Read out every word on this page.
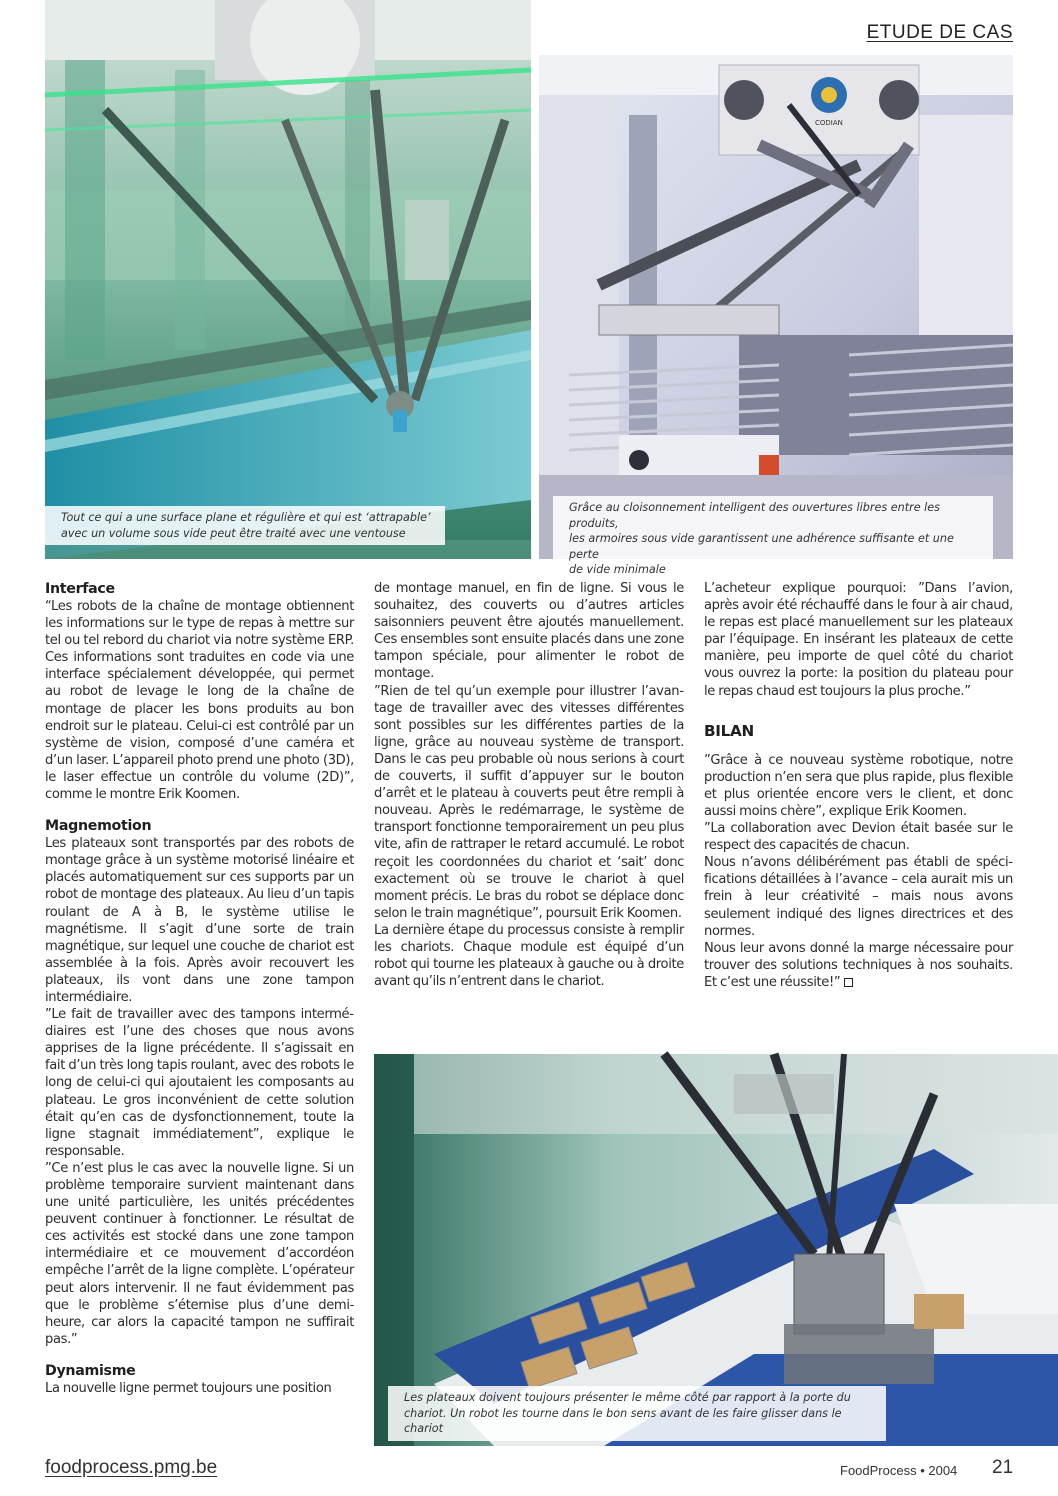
ETUDE DE CAS
Tout ce qui a une surface plane et régulière et qui est ‘attrapable’
avec un volume sous vide peut être traité avec une ventouse
CODIAN
Grâce au cloisonnement intelligent des ouvertures libres entre les produits,
les armoires sous vide garantissent une adhérence suffisante et une perte
de vide minimale
Interface

“Les robots de la chaîne de montage obtiennent les informations sur le type de repas à mettre sur tel ou tel rebord du chariot via notre système ERP. Ces informations sont traduites en code via une interface spécialement développée, qui permet au robot de levage le long de la chaîne de montage de placer les bons produits au bon endroit sur le plateau. Celui-ci est contrôlé par un système de vision, composé d’une caméra et d’un laser. L’appareil photo prend une photo (3D), le laser effectue un contrôle du volume (2D)”, comme le montre Erik Koomen.

Magnemotion

Les plateaux sont transportés par des robots de montage grâce à un système motorisé linéaire et placés automatiquement sur ces supports par un robot de montage des plateaux. Au lieu d’un tapis roulant de A à B, le système utilise le magnétisme. Il s’agit d’une sorte de train magnétique, sur lequel une couche de chariot est assemblée à la fois. Après avoir recouvert les plateaux, ils vont dans une zone tampon intermédiaire.

”Le fait de travailler avec des tampons intermédiaires est l’une des choses que nous avons apprises de la ligne précédente. Il s’agissait en fait d’un très long tapis roulant, avec des robots le long de celui-ci qui ajoutaient les composants au plateau. Le gros inconvénient de cette solution était qu’en cas de dysfonctionnement, toute la ligne stagnait immédiatement”, explique le responsable.

”Ce n’est plus le cas avec la nouvelle ligne. Si un problème temporaire survient maintenant dans une unité particulière, les unités précédentes peuvent continuer à fonctionner. Le résultat de ces activités est stocké dans une zone tampon intermédiaire et ce mouvement d’accordéon empêche l’arrêt de la ligne complète. L’opérateur peut alors intervenir. Il ne faut évidemment pas que le problème s’éternise plus d’une demi-heure, car alors la capacité tampon ne suffirait pas.”

Dynamisme

La nouvelle ligne permet toujours une position

de montage manuel, en fin de ligne. Si vous le souhaitez, des couverts ou d’autres articles saisonniers peuvent être ajoutés manuellement. Ces ensembles sont ensuite placés dans une zone tampon spéciale, pour alimenter le robot de montage.

”Rien de tel qu’un exemple pour illustrer l’avantage de travailler avec des vitesses différentes sont possibles sur les différentes parties de la ligne, grâce au nouveau système de transport. Dans le cas peu probable où nous serions à court de couverts, il suffit d’appuyer sur le bouton d’arrêt et le plateau à couverts peut être rempli à nouveau. Après le redémarrage, le système de transport fonctionne temporairement un peu plus vite, afin de rattraper le retard accumulé. Le robot reçoit les coordonnées du chariot et ‘sait’ donc exactement où se trouve le chariot à quel moment précis. Le bras du robot se déplace donc selon le train magnétique”, poursuit Erik Koomen.

La dernière étape du processus consiste à remplir les chariots. Chaque module est équipé d’un robot qui tourne les plateaux à gauche ou à droite avant qu’ils n’entrent dans le chariot.

L’acheteur explique pourquoi: ”Dans l’avion, après avoir été réchauffé dans le four à air chaud, le repas est placé manuellement sur les plateaux par l’équipage. En insérant les plateaux de cette manière, peu importe de quel côté du chariot vous ouvrez la porte: la position du plateau pour le repas chaud est toujours la plus proche.”

BILAN

”Grâce à ce nouveau système robotique, notre production n’en sera que plus rapide, plus flexible et plus orientée encore vers le client, et donc aussi moins chère”, explique Erik Koomen.

”La collaboration avec Devion était basée sur le respect des capacités de chacun.

Nous n’avons délibérément pas établi de spécifications détaillées à l’avance – cela aurait mis un frein à leur créativité – mais nous avons seulement indiqué des lignes directrices et des normes.

Nous leur avons donné la marge nécessaire pour trouver des solutions techniques à nos souhaits. Et c’est une réussite!”

Les plateaux doivent toujours présenter le même côté par rapport à la porte du
chariot. Un robot les tourne dans le bon sens avant de les faire glisser dans le chariot
foodprocess.pmg.be	FoodProcess • 2004 21
